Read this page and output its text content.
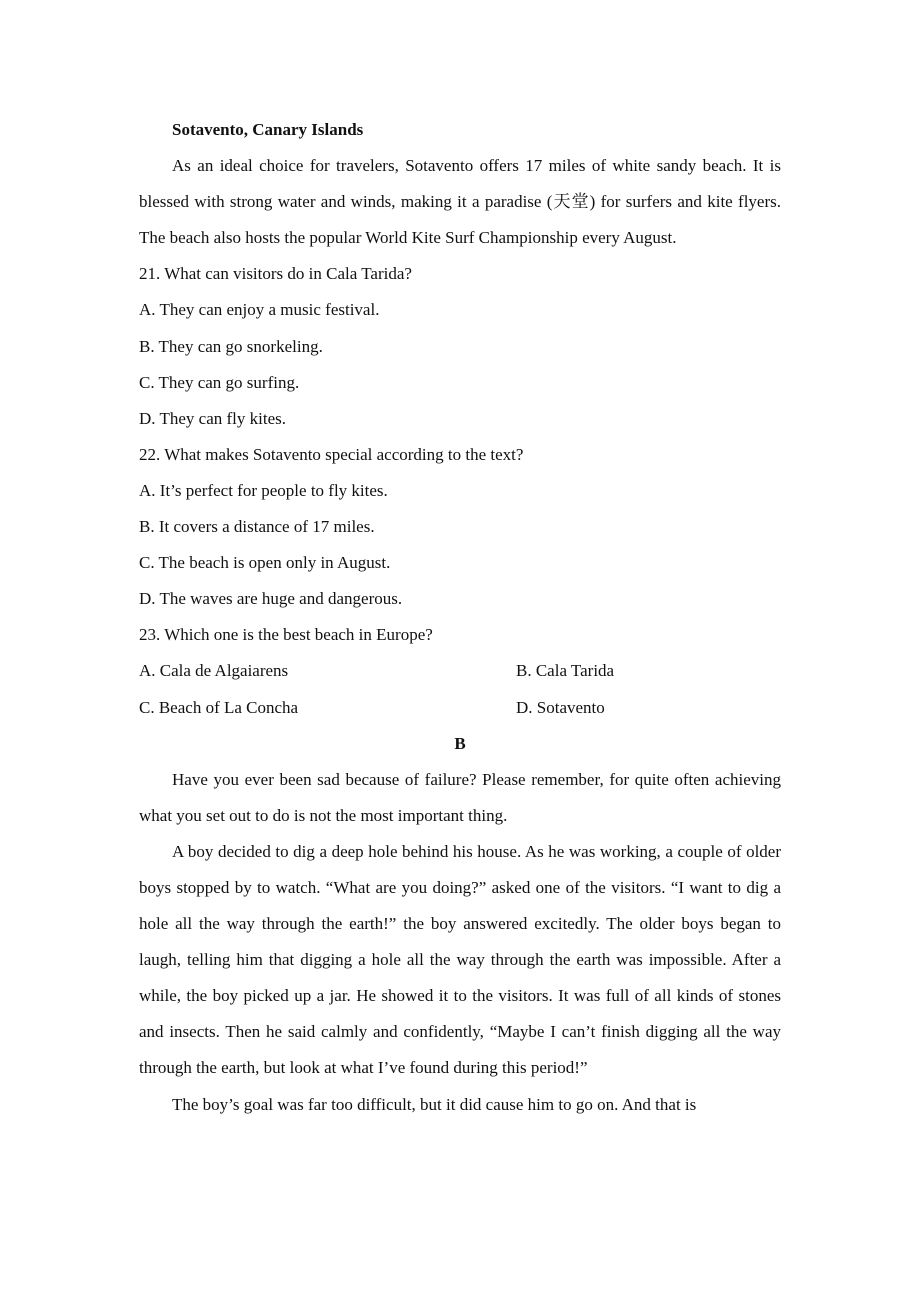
Sotavento, Canary Islands

As an ideal choice for travelers, Sotavento offers 17 miles of white sandy beach. It is blessed with strong water and winds, making it a paradise (天堂) for surfers and kite flyers. The beach also hosts the popular World Kite Surf Championship every August.

21. What can visitors do in Cala Tarida?
A. They can enjoy a music festival.
B. They can go snorkeling.
C. They can go surfing.
D. They can fly kites.
22. What makes Sotavento special according to the text?
A. It’s perfect for people to fly kites.
B. It covers a distance of 17 miles.
C. The beach is open only in August.
D. The waves are huge and dangerous.
23. Which one is the best beach in Europe?
A. Cala de Algaiarens	B. Cala Tarida
C. Beach of La Concha	D. Sotavento
B

Have you ever been sad because of failure? Please remember, for quite often achieving what you set out to do is not the most important thing.

A boy decided to dig a deep hole behind his house. As he was working, a couple of older boys stopped by to watch. “What are you doing?” asked one of the visitors. “I want to dig a hole all the way through the earth!” the boy answered excitedly. The older boys began to laugh, telling him that digging a hole all the way through the earth was impossible. After a while, the boy picked up a jar. He showed it to the visitors. It was full of all kinds of stones and insects. Then he said calmly and confidently, “Maybe I can’t finish digging all the way through the earth, but look at what I’ve found during this period!”

The boy’s goal was far too difficult, but it did cause him to go on. And that is
